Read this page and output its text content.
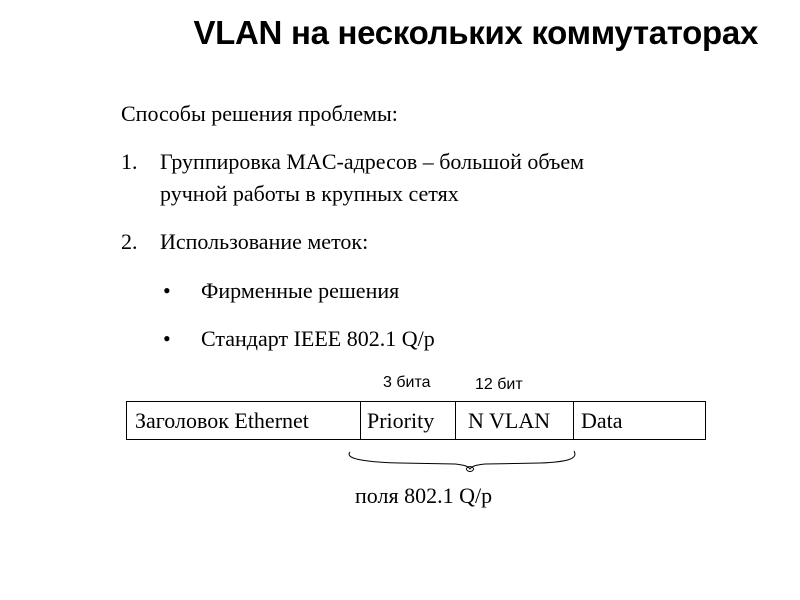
VLAN на нескольких коммутаторах
Способы решения проблемы:
1. Группировка MAC-адресов – большой объем
ручной работы в крупных сетях
2. Использование меток:
• Фирменные решения
• Стандарт IEEE 802.1 Q/p
3 бита	12 бит
Заголовок Ethernet	Priority	N VLAN	Data
поля 802.1 Q/p
